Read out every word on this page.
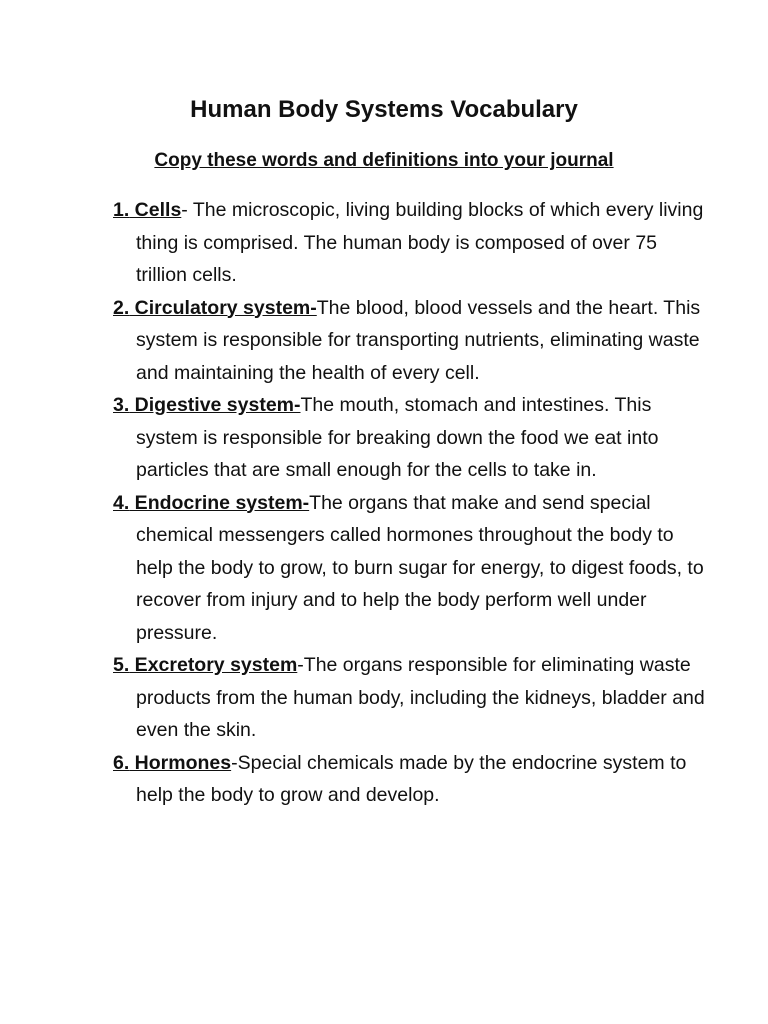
Human Body Systems Vocabulary
Copy these words and definitions into your journal
1. Cells- The microscopic, living building blocks of which every living thing is comprised. The human body is composed of over 75 trillion cells.
2. Circulatory system-The blood, blood vessels and the heart. This system is responsible for transporting nutrients, eliminating waste and maintaining the health of every cell.
3. Digestive system-The mouth, stomach and intestines. This system is responsible for breaking down the food we eat into particles that are small enough for the cells to take in.
4. Endocrine system-The organs that make and send special chemical messengers called hormones throughout the body to help the body to grow, to burn sugar for energy, to digest foods, to recover from injury and to help the body perform well under pressure.
5. Excretory system-The organs responsible for eliminating waste products from the human body, including the kidneys, bladder and even the skin.
6. Hormones-Special chemicals made by the endocrine system to help the body to grow and develop.
